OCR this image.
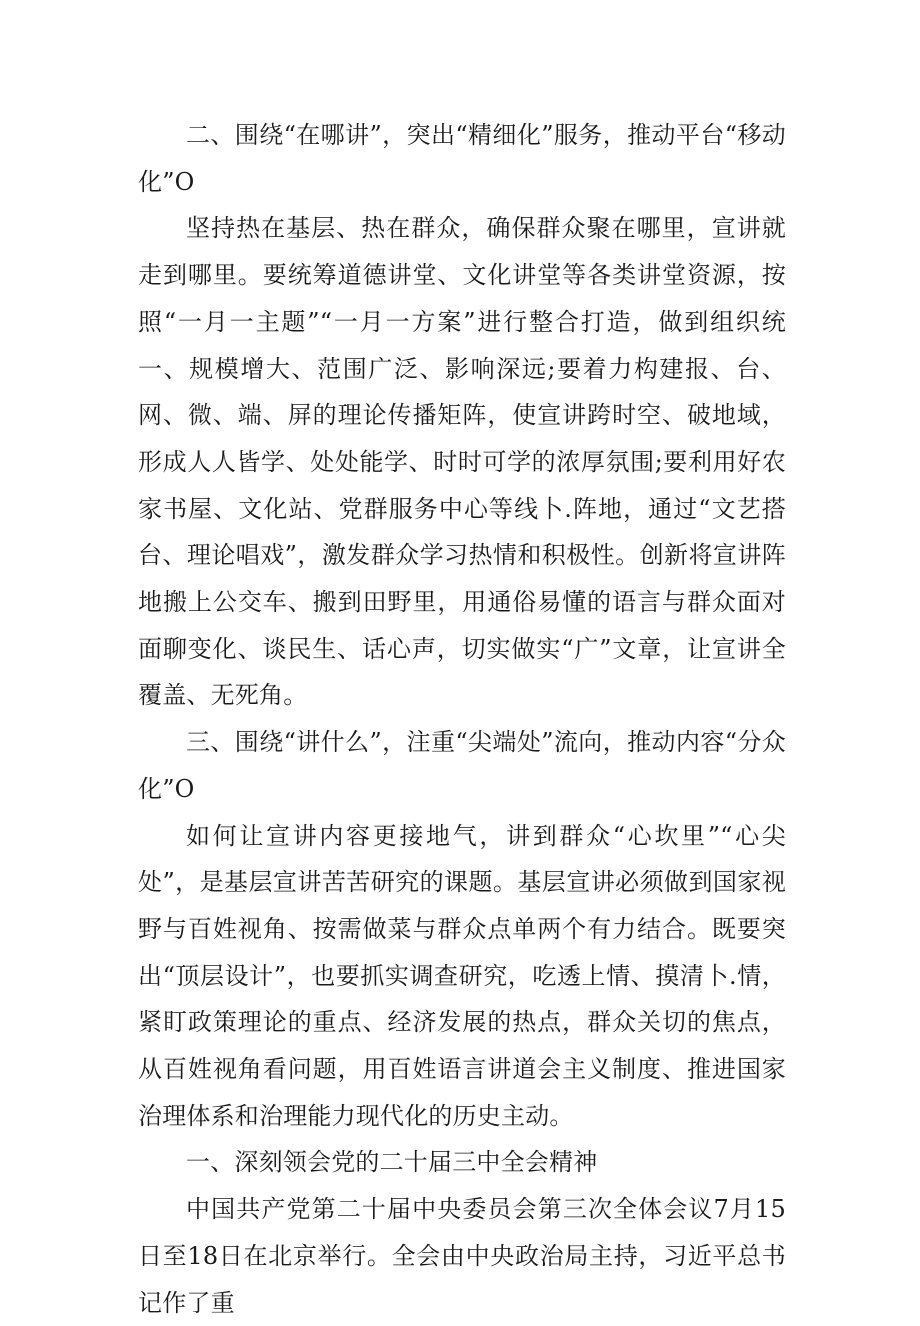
二、围绕“在哪讲”，突出“精细化”服务，推动平台“移动化”O

坚持热在基层、热在群众，确保群众聚在哪里，宣讲就走到哪里。要统筹道德讲堂、文化讲堂等各类讲堂资源，按照“一月一主题”“一月一方案”进行整合打造，做到组织统一、规模增大、范围广泛、影响深远;要着力构建报、台、网、微、端、屏的理论传播矩阵，使宣讲跨时空、破地域，形成人人皆学、处处能学、时时可学的浓厚氛围;要利用好农家书屋、文化站、党群服务中心等线卜.阵地，通过“文艺搭台、理论唱戏”，激发群众学习热情和积极性。创新将宣讲阵地搬上公交车、搬到田野里，用通俗易懂的语言与群众面对面聊变化、谈民生、话心声，切实做实“广”文章，让宣讲全覆盖、无死角。

三、围绕“讲什么”，注重“尖端处”流向，推动内容“分众化”O

如何让宣讲内容更接地气，讲到群众“心坎里”“心尖处”，是基层宣讲苦苦研究的课题。基层宣讲必须做到国家视野与百姓视角、按需做菜与群众点单两个有力结合。既要突出“顶层设计”，也要抓实调查研究，吃透上情、摸清卜.情，紧盯政策理论的重点、经济发展的热点，群众关切的焦点，从百姓视角看问题，用百姓语言讲道会主义制度、推进国家治理体系和治理能力现代化的历史主动。

一、深刻领会党的二十届三中全会精神

中国共产党第二十届中央委员会第三次全体会议7月15日至18日在北京举行。全会由中央政治局主持，习近平总书记作了重
